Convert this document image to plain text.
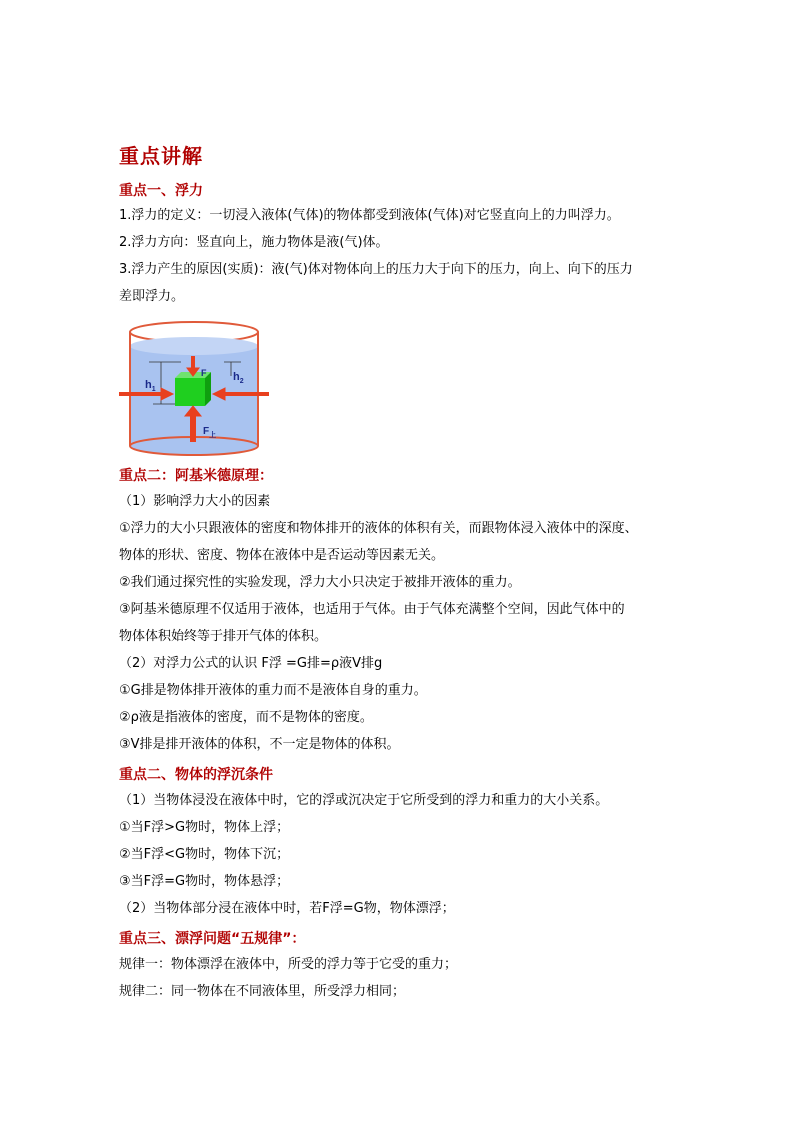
重点讲解
重点一、浮力
1.浮力的定义：一切浸入液体(气体)的物体都受到液体(气体)对它竖直向上的力叫浮力。
2.浮力方向：竖直向上，施力物体是液(气)体。
3.浮力产生的原因(实质)：液(气)体对物体向上的压力大于向下的压力，向上、向下的压力
差即浮力。
$h_1$
$h_2$
F
$F_上$
重点二：阿基米德原理：
（1）影响浮力大小的因素
①浮力的大小只跟液体的密度和物体排开的液体的体积有关，而跟物体浸入液体中的深度、
物体的形状、密度、物体在液体中是否运动等因素无关。
②我们通过探究性的实验发现，浮力大小只决定于被排开液体的重力。
③阿基米德原理不仅适用于液体，也适用于气体。由于气体充满整个空间，因此气体中的
物体体积始终等于排开气体的体积。
（2）对浮力公式的认识 F浮 =G排=ρ液V排g
①G排是物体排开液体的重力而不是液体自身的重力。
②ρ液是指液体的密度，而不是物体的密度。
③V排是排开液体的体积，不一定是物体的体积。
重点二、物体的浮沉条件
（1）当物体浸没在液体中时，它的浮或沉决定于它所受到的浮力和重力的大小关系。
①当F浮>G物时，物体上浮；
②当F浮<G物时，物体下沉；
③当F浮=G物时，物体悬浮；
（2）当物体部分浸在液体中时，若F浮=G物，物体漂浮；
重点三、漂浮问题“五规律”：
规律一：物体漂浮在液体中，所受的浮力等于它受的重力；
规律二：同一物体在不同液体里，所受浮力相同；
